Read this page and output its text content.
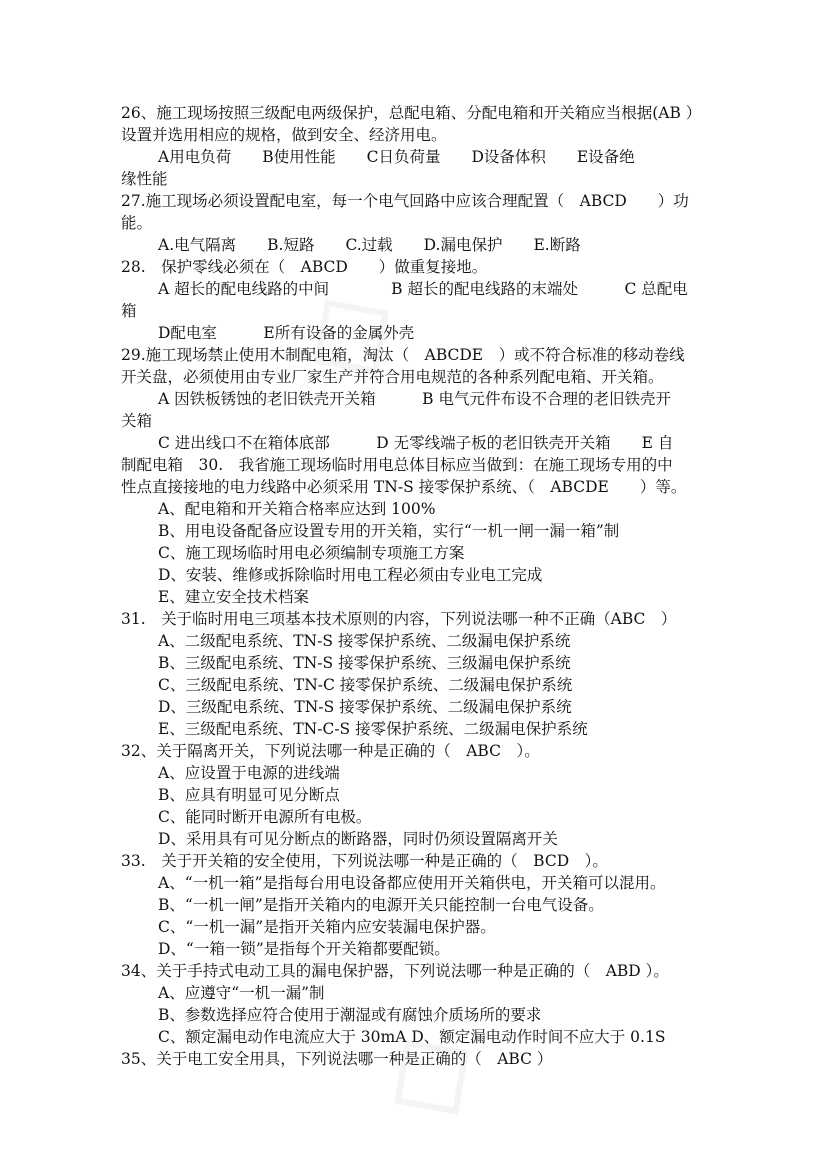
26、施工现场按照三级配电两级保护，总配电箱、分配电箱和开关箱应当根据(AB ）
设置并选用相应的规格，做到安全、经济用电。
A用电负荷　　B使用性能　　C日负荷量　　D设备体积　　E设备绝
缘性能
27.施工现场必须设置配电室，每一个电气回路中应该合理配置（　ABCD　　）功
能。
A.电气隔离　　B.短路　　C.过载　　D.漏电保护　　E.断路
28.　保护零线必须在（　ABCD　　）做重复接地。
A 超长的配电线路的中间　　　　B 超长的配电线路的末端处　　　C 总配电
箱
D配电室　　　E所有设备的金属外壳
29.施工现场禁止使用木制配电箱，淘汰（　ABCDE　）或不符合标准的移动卷线
开关盘，必须使用由专业厂家生产并符合用电规范的各种系列配电箱、开关箱。
A 因铁板锈蚀的老旧铁壳开关箱　　　B 电气元件布设不合理的老旧铁壳开
关箱
C 进出线口不在箱体底部　　　D 无零线端子板的老旧铁壳开关箱　　E 自
制配电箱　30.　我省施工现场临时用电总体目标应当做到：在施工现场专用的中
性点直接接地的电力线路中必须采用 TN-S 接零保护系统、（　ABCDE　　）等。
A、配电箱和开关箱合格率应达到 100%
B、用电设备配备应设置专用的开关箱，实行“一机一闸一漏一箱”制
C、施工现场临时用电必须编制专项施工方案
D、安装、维修或拆除临时用电工程必须由专业电工完成
E、建立安全技术档案
31.　关于临时用电三项基本技术原则的内容，下列说法哪一种不正确（ABC　）
A、二级配电系统、TN-S 接零保护系统、二级漏电保护系统
B、三级配电系统、TN-S 接零保护系统、三级漏电保护系统
C、三级配电系统、TN-C 接零保护系统、二级漏电保护系统
D、三级配电系统、TN-S 接零保护系统、二级漏电保护系统
E、三级配电系统、TN-C-S 接零保护系统、二级漏电保护系统
32、关于隔离开关，下列说法哪一种是正确的（　ABC　）。
A、应设置于电源的进线端
B、应具有明显可见分断点
C、能同时断开电源所有电极。
D、采用具有可见分断点的断路器，同时仍须设置隔离开关
33.　关于开关箱的安全使用，下列说法哪一种是正确的（　BCD　）。
A、“一机一箱”是指每台用电设备都应使用开关箱供电，开关箱可以混用。
B、“一机一闸”是指开关箱内的电源开关只能控制一台电气设备。
C、“一机一漏”是指开关箱内应安装漏电保护器。
D、“一箱一锁”是指每个开关箱都要配锁。
34、关于手持式电动工具的漏电保护器，下列说法哪一种是正确的（　ABD ）。
A、应遵守“一机一漏”制
B、参数选择应符合使用于潮湿或有腐蚀介质场所的要求
C、额定漏电动作电流应大于 30mA D、额定漏电动作时间不应大于 0.1S
35、关于电工安全用具，下列说法哪一种是正确的（　ABC ）
